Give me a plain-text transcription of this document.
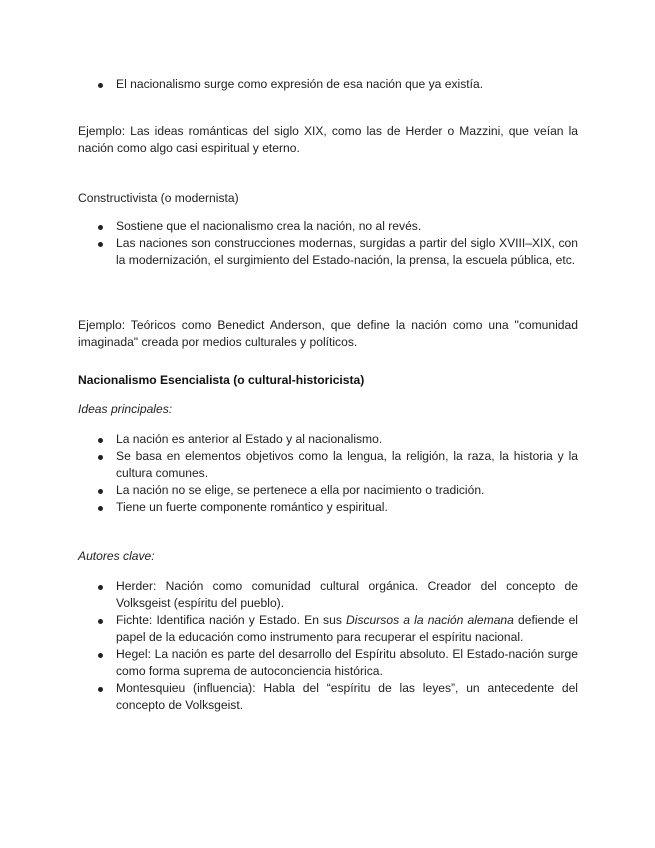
El nacionalismo surge como expresión de esa nación que ya existía.

Ejemplo: Las ideas románticas del siglo XIX, como las de Herder o Mazzini, que veían la nación como algo casi espiritual y eterno.

Constructivista (o modernista)

Sostiene que el nacionalismo crea la nación, no al revés.
Las naciones son construcciones modernas, surgidas a partir del siglo XVIII–XIX, con la modernización, el surgimiento del Estado-nación, la prensa, la escuela pública, etc.

Ejemplo: Teóricos como Benedict Anderson, que define la nación como una "comunidad imaginada" creada por medios culturales y políticos.

Nacionalismo Esencialista (o cultural-historicista)

Ideas principales:

La nación es anterior al Estado y al nacionalismo.
Se basa en elementos objetivos como la lengua, la religión, la raza, la historia y la cultura comunes.
La nación no se elige, se pertenece a ella por nacimiento o tradición.
Tiene un fuerte componente romántico y espiritual.

Autores clave:

Herder: Nación como comunidad cultural orgánica. Creador del concepto de Volksgeist (espíritu del pueblo).
Fichte: Identifica nación y Estado. En sus Discursos a la nación alemana defiende el papel de la educación como instrumento para recuperar el espíritu nacional.
Hegel: La nación es parte del desarrollo del Espíritu absoluto. El Estado-nación surge como forma suprema de autoconciencia histórica.
Montesquieu (influencia): Habla del “espíritu de las leyes”, un antecedente del concepto de Volksgeist.
